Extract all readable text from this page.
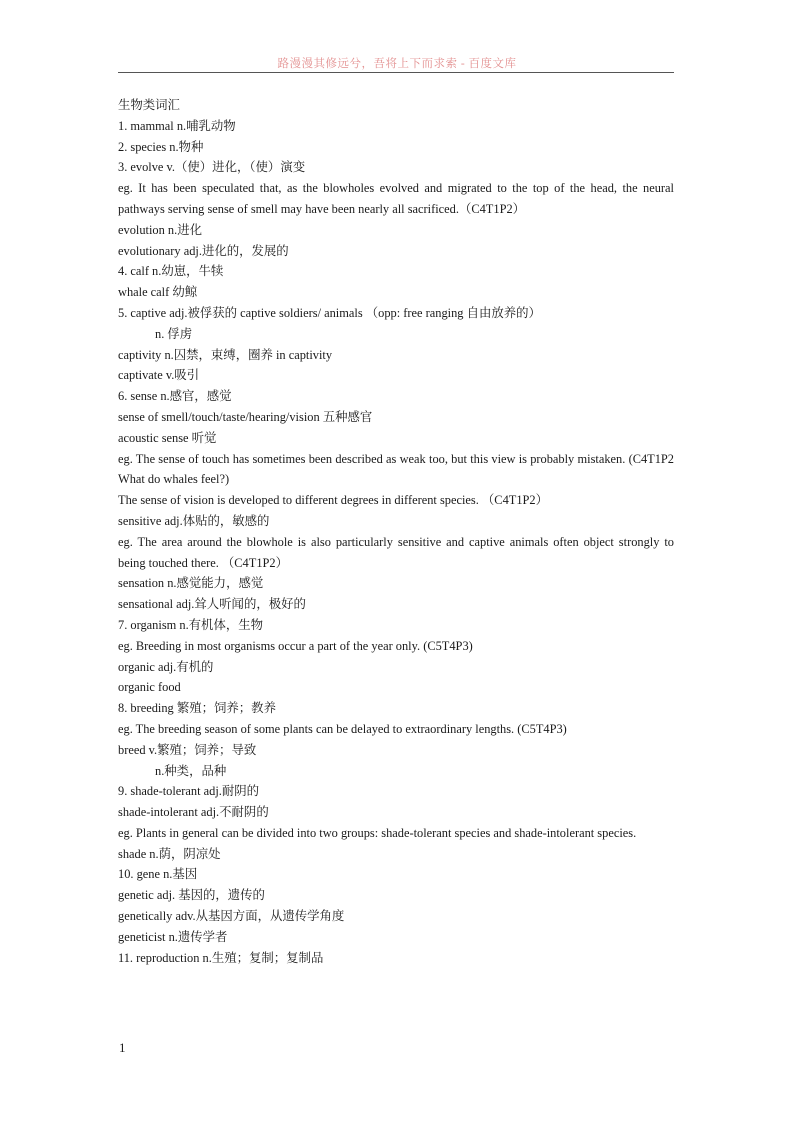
路漫漫其修远兮，吾将上下而求索 - 百度文库
生物类词汇
1. mammal n.哺乳动物
2. species n.物种
3. evolve v.（使）进化，（使）演变
eg. It has been speculated that, as the blowholes evolved and migrated to the top of the head, the neural pathways serving sense of smell may have been nearly all sacrificed.（C4T1P2）
evolution n.进化
evolutionary adj.进化的，发展的
4. calf n.幼崽，牛犊
whale calf 幼鲸
5. captive adj.被俘获的 captive soldiers/ animals （opp: free ranging 自由放养的）
n. 俘虏
captivity n.囚禁，束缚，圈养 in captivity
captivate v.吸引
6. sense n.感官，感觉
sense of smell/touch/taste/hearing/vision 五种感官
acoustic sense 听觉
eg. The sense of touch has sometimes been described as weak too, but this view is probably mistaken. (C4T1P2 What do whales feel?)
The sense of vision is developed to different degrees in different species. （C4T1P2）
sensitive adj.体贴的，敏感的
eg. The area around the blowhole is also particularly sensitive and captive animals often object strongly to being touched there. （C4T1P2）
sensation n.感觉能力，感觉
sensational adj.耸人听闻的，极好的
7. organism n.有机体，生物
eg. Breeding in most organisms occur a part of the year only. (C5T4P3)
organic adj.有机的
organic food
8. breeding 繁殖；饲养；教养
eg. The breeding season of some plants can be delayed to extraordinary lengths. (C5T4P3)
breed v.繁殖；饲养；导致
n.种类，品种
9. shade-tolerant adj.耐阴的
shade-intolerant adj.不耐阴的
eg. Plants in general can be divided into two groups: shade-tolerant species and shade-intolerant species.
shade n.荫，阴凉处
10. gene n.基因
genetic adj. 基因的，遗传的
genetically adv.从基因方面，从遗传学角度
geneticist n.遗传学者
11. reproduction n.生殖；复制；复制品
1
